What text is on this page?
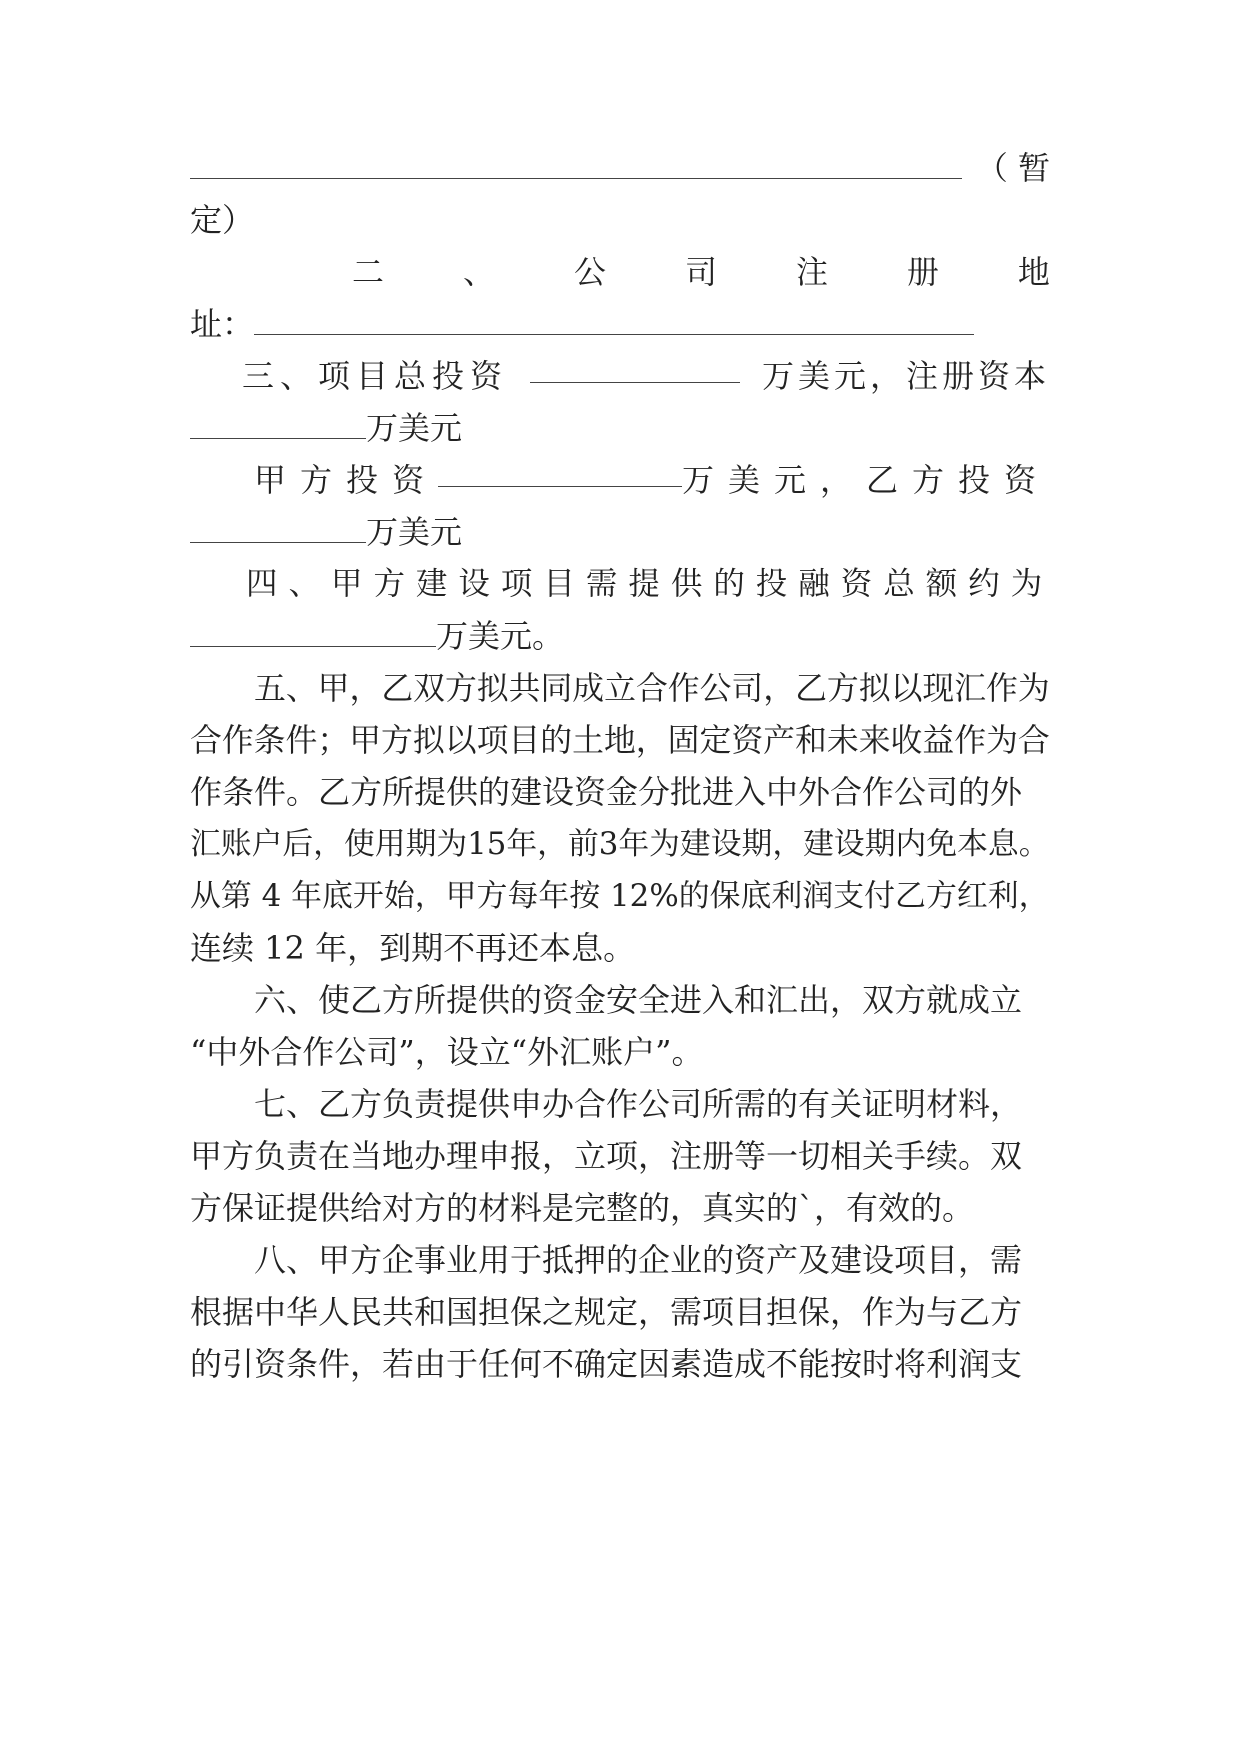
（ 暂
定）
二 、 公 司 注 册 地
址：
三、项目总投资	万美元，注册资本
万美元
甲方投资	万美元，乙方投资
万美元
四、甲方建设项目需提供的投融资总额约为
万美元。
五、甲，乙双方拟共同成立合作公司，乙方拟以现汇作为
合作条件；甲方拟以项目的土地，固定资产和未来收益作为合
作条件。乙方所提供的建设资金分批进入中外合作公司的外
汇账户后，使用期为15年，前3年为建设期，建设期内免本息。
从第 4 年底开始，甲方每年按 12%的保底利润支付乙方红利，
连续 12 年，到期不再还本息。
六、使乙方所提供的资金安全进入和汇出，双方就成立
“中外合作公司”，设立“外汇账户”。
七、乙方负责提供申办合作公司所需的有关证明材料，
甲方负责在当地办理申报，立项，注册等一切相关手续。双
方保证提供给对方的材料是完整的，真实的`，有效的。
八、甲方企事业用于抵押的企业的资产及建设项目，需
根据中华人民共和国担保之规定，需项目担保，作为与乙方
的引资条件，若由于任何不确定因素造成不能按时将利润支
